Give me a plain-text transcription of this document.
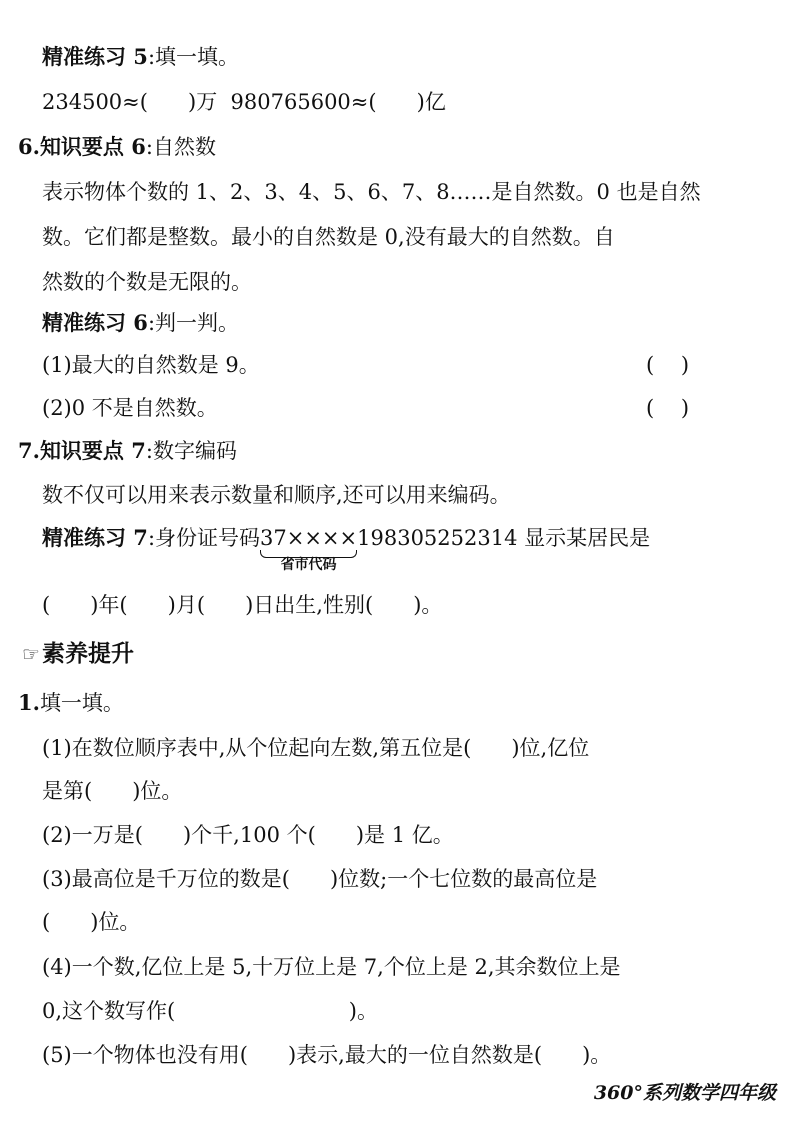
精准练习 5:填一填。
234500≈(      )万  980765600≈(      )亿
6.知识要点 6:自然数
表示物体个数的 1、2、3、4、5、6、7、8……是自然数。0 也是自然
数。它们都是整数。最小的自然数是 0,没有最大的自然数。自
然数的个数是无限的。
精准练习 6:判一判。
(1)最大的自然数是 9。	(    )
(2)0 不是自然数。	(    )
7.知识要点 7:数字编码
数不仅可以用来表示数量和顺序,还可以用来编码。
精准练习 7:身份证号码37××××
省市代码
198305252314 显示某居民是
(      )年(      )月(      )日出生,性别(      )。
☞素养提升
1.填一填。
(1)在数位顺序表中,从个位起向左数,第五位是(      )位,亿位
是第(      )位。
(2)一万是(      )个千,100 个(      )是 1 亿。
(3)最高位是千万位的数是(      )位数;一个七位数的最高位是
(      )位。
(4)一个数,亿位上是 5,十万位上是 7,个位上是 2,其余数位上是
0,这个数写作(                          )。
(5)一个物体也没有用(      )表示,最大的一位自然数是(      )。
360°系列数学四年级
